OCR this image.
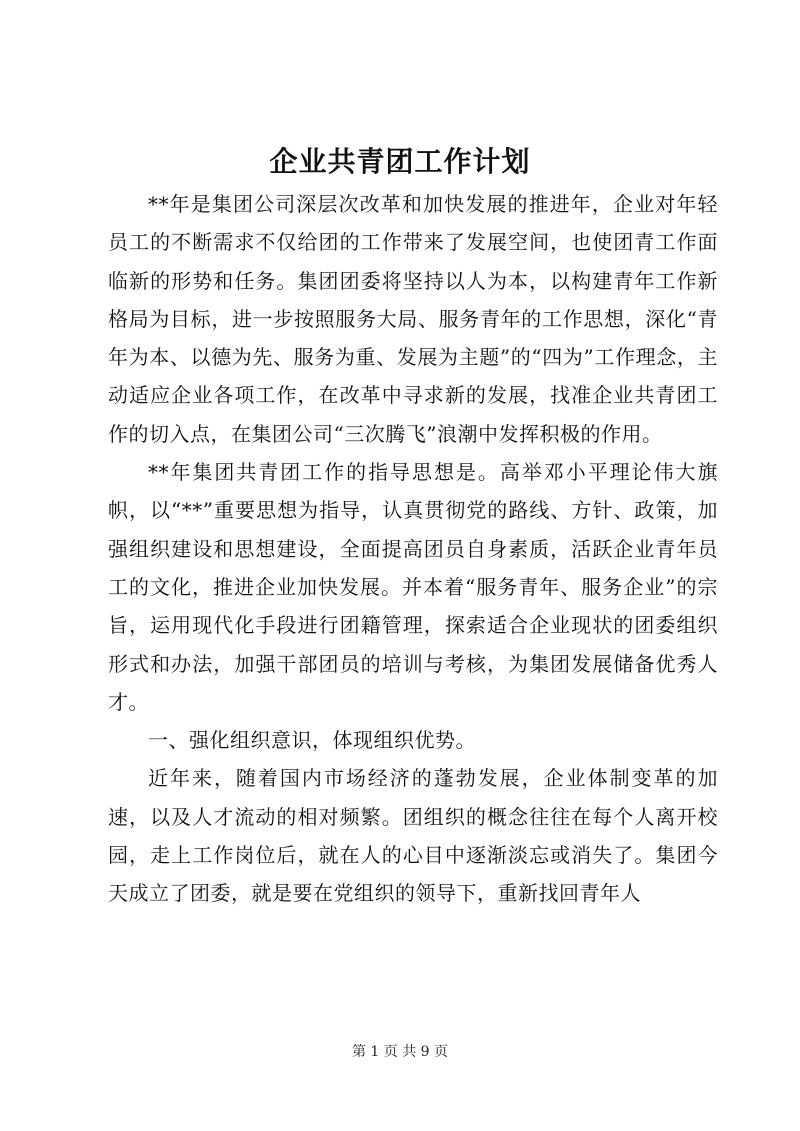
企业共青团工作计划

**年是集团公司深层次改革和加快发展的推进年，企业对年轻员工的不断需求不仅给团的工作带来了发展空间，也使团青工作面临新的形势和任务。集团团委将坚持以人为本，以构建青年工作新格局为目标，进一步按照服务大局、服务青年的工作思想，深化“青年为本、以德为先、服务为重、发展为主题”的“四为”工作理念，主动适应企业各项工作，在改革中寻求新的发展，找准企业共青团工作的切入点，在集团公司“三次腾飞”浪潮中发挥积极的作用。

**年集团共青团工作的指导思想是。高举邓小平理论伟大旗帜，以“**”重要思想为指导，认真贯彻党的路线、方针、政策，加强组织建设和思想建设，全面提高团员自身素质，活跃企业青年员工的文化，推进企业加快发展。并本着“服务青年、服务企业”的宗旨，运用现代化手段进行团籍管理，探索适合企业现状的团委组织形式和办法，加强干部团员的培训与考核，为集团发展储备优秀人才。

一、强化组织意识，体现组织优势。

近年来，随着国内市场经济的蓬勃发展，企业体制变革的加速，以及人才流动的相对频繁。团组织的概念往往在每个人离开校园，走上工作岗位后，就在人的心目中逐渐淡忘或消失了。集团今天成立了团委，就是要在党组织的领导下，重新找回青年人

第 1 页 共 9 页
